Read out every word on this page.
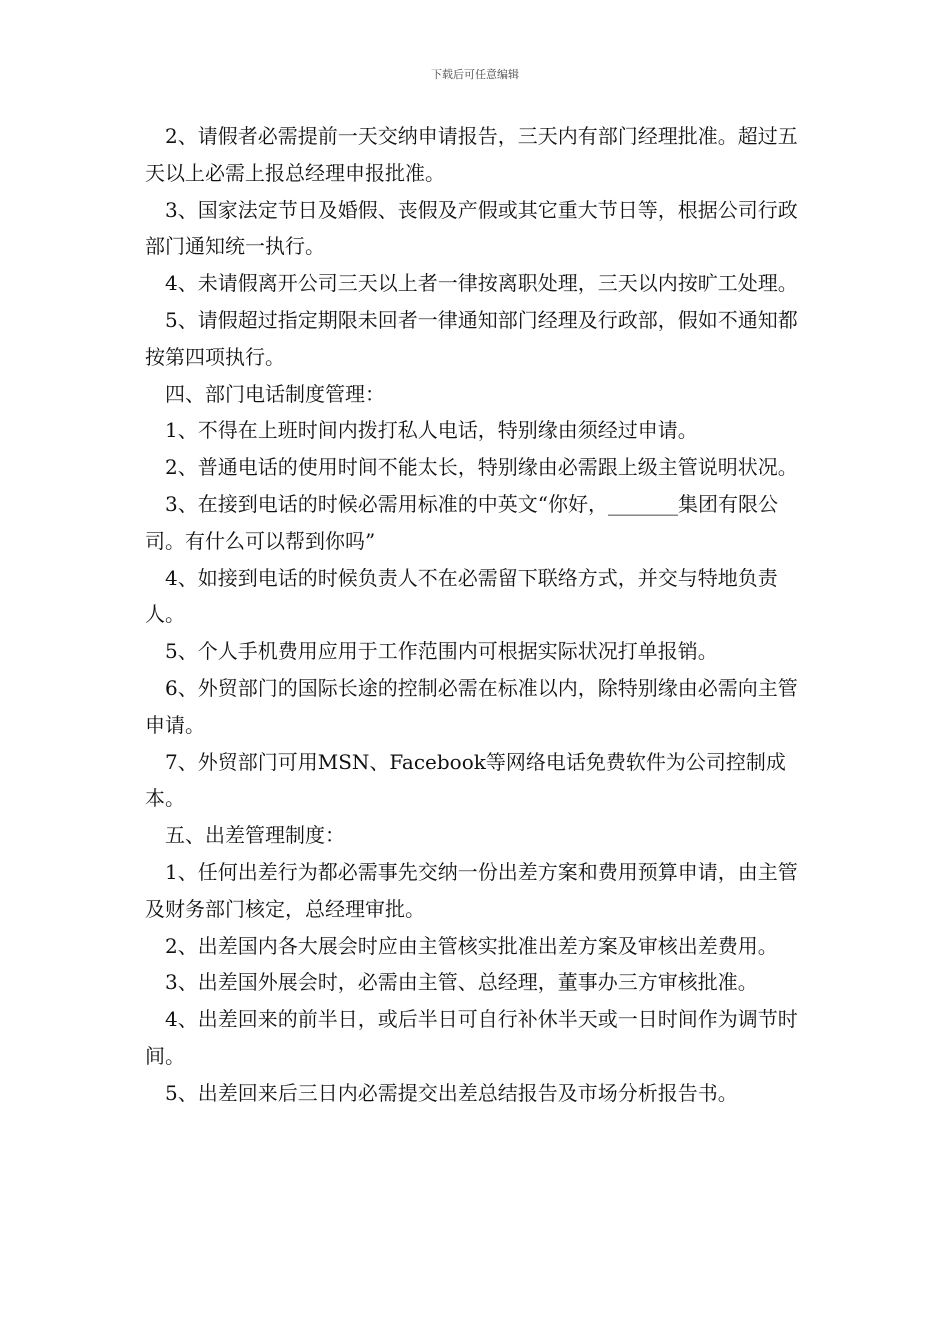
下载后可任意编辑

2、请假者必需提前一天交纳申请报告，三天内有部门经理批准。超过五天以上必需上报总经理申报批准。

3、国家法定节日及婚假、丧假及产假或其它重大节日等，根据公司行政部门通知统一执行。

4、未请假离开公司三天以上者一律按离职处理，三天以内按旷工处理。

5、请假超过指定期限未回者一律通知部门经理及行政部，假如不通知都按第四项执行。

四、部门电话制度管理：

1、不得在上班时间内拨打私人电话，特别缘由须经过申请。

2、普通电话的使用时间不能太长，特别缘由必需跟上级主管说明状况。

3、在接到电话的时候必需用标准的中英文“你好，_______集团有限公司。有什么可以帮到你吗”

4、如接到电话的时候负责人不在必需留下联络方式，并交与特地负责人。

5、个人手机费用应用于工作范围内可根据实际状况打单报销。

6、外贸部门的国际长途的控制必需在标准以内，除特别缘由必需向主管申请。

7、外贸部门可用MSN、Facebook等网络电话免费软件为公司控制成本。

五、出差管理制度：

1、任何出差行为都必需事先交纳一份出差方案和费用预算申请，由主管及财务部门核定，总经理审批。

2、出差国内各大展会时应由主管核实批准出差方案及审核出差费用。

3、出差国外展会时，必需由主管、总经理，董事办三方审核批准。

4、出差回来的前半日，或后半日可自行补休半天或一日时间作为调节时间。

5、出差回来后三日内必需提交出差总结报告及市场分析报告书。
